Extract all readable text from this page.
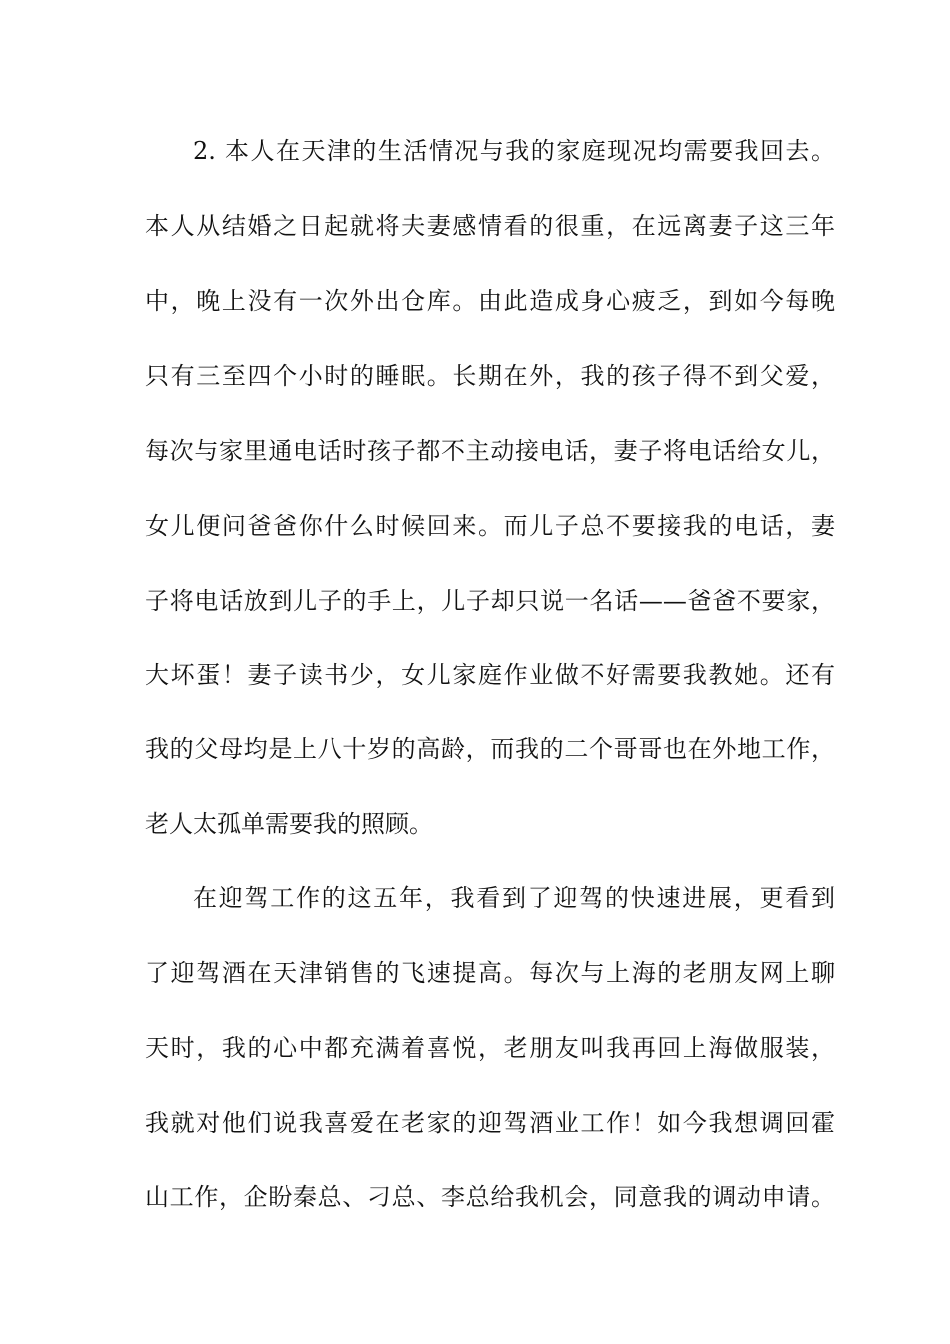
2. 本人在天津的生活情况与我的家庭现况均需要我回去。
本人从结婚之日起就将夫妻感情看的很重，在远离妻子这三年
中，晚上没有一次外出仓库。由此造成身心疲乏，到如今每晚
只有三至四个小时的睡眠。长期在外，我的孩子得不到父爱，
每次与家里通电话时孩子都不主动接电话，妻子将电话给女儿，
女儿便问爸爸你什么时候回来。而儿子总不要接我的电话，妻
子将电话放到儿子的手上，儿子却只说一名话——爸爸不要家，
大坏蛋！妻子读书少，女儿家庭作业做不好需要我教她。还有
我的父母均是上八十岁的高龄，而我的二个哥哥也在外地工作，
老人太孤单需要我的照顾。
在迎驾工作的这五年，我看到了迎驾的快速进展，更看到
了迎驾酒在天津销售的飞速提高。每次与上海的老朋友网上聊
天时，我的心中都充满着喜悦，老朋友叫我再回上海做服装，
我就对他们说我喜爱在老家的迎驾酒业工作！如今我想调回霍
山工作，企盼秦总、刁总、李总给我机会，同意我的调动申请。
